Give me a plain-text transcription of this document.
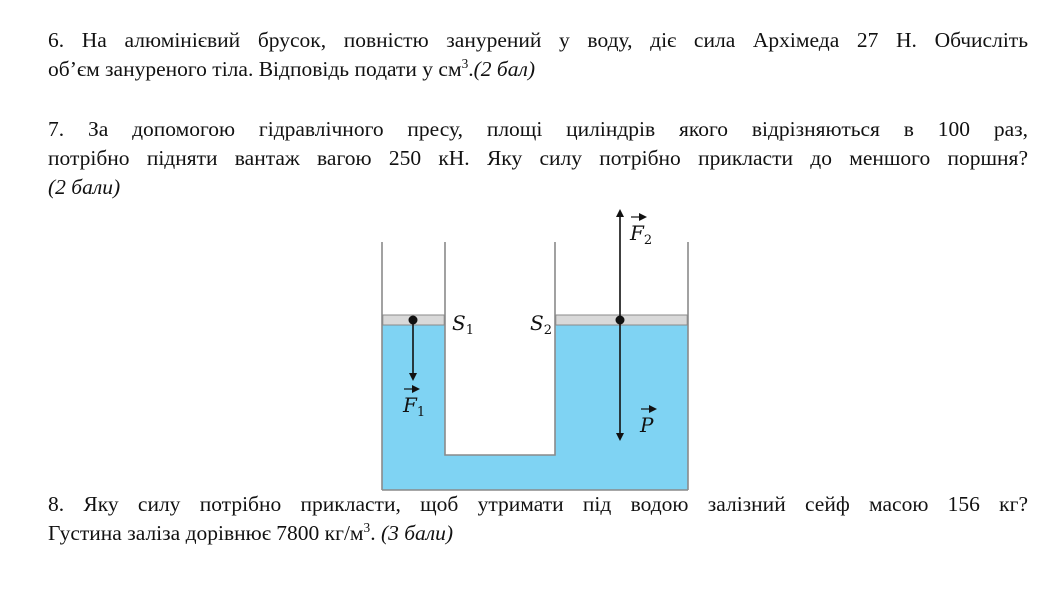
6. На алюмінієвий брусок, повністю занурений у воду, діє сила Архімеда 27 Н. Обчисліть
об’єм зануреного тіла. Відповідь подати у $см^3.(2$ бал)
7. За допомогою гідравлічного пресу, площі циліндрів якого відрізняються в 100 раз,
потрібно підняти вантаж вагою 250 кН. Яку силу потрібно прикласти до меншого поршня?
(2 бали)
$S_1$	$S_2$
$F_1$
$F_2$
P
8. Яку силу потрібно прикласти, щоб утримати під водою залізний сейф масою 156 кг?
Густина заліза дорівнює 7800 $кг/м^3$. (3 бали)
